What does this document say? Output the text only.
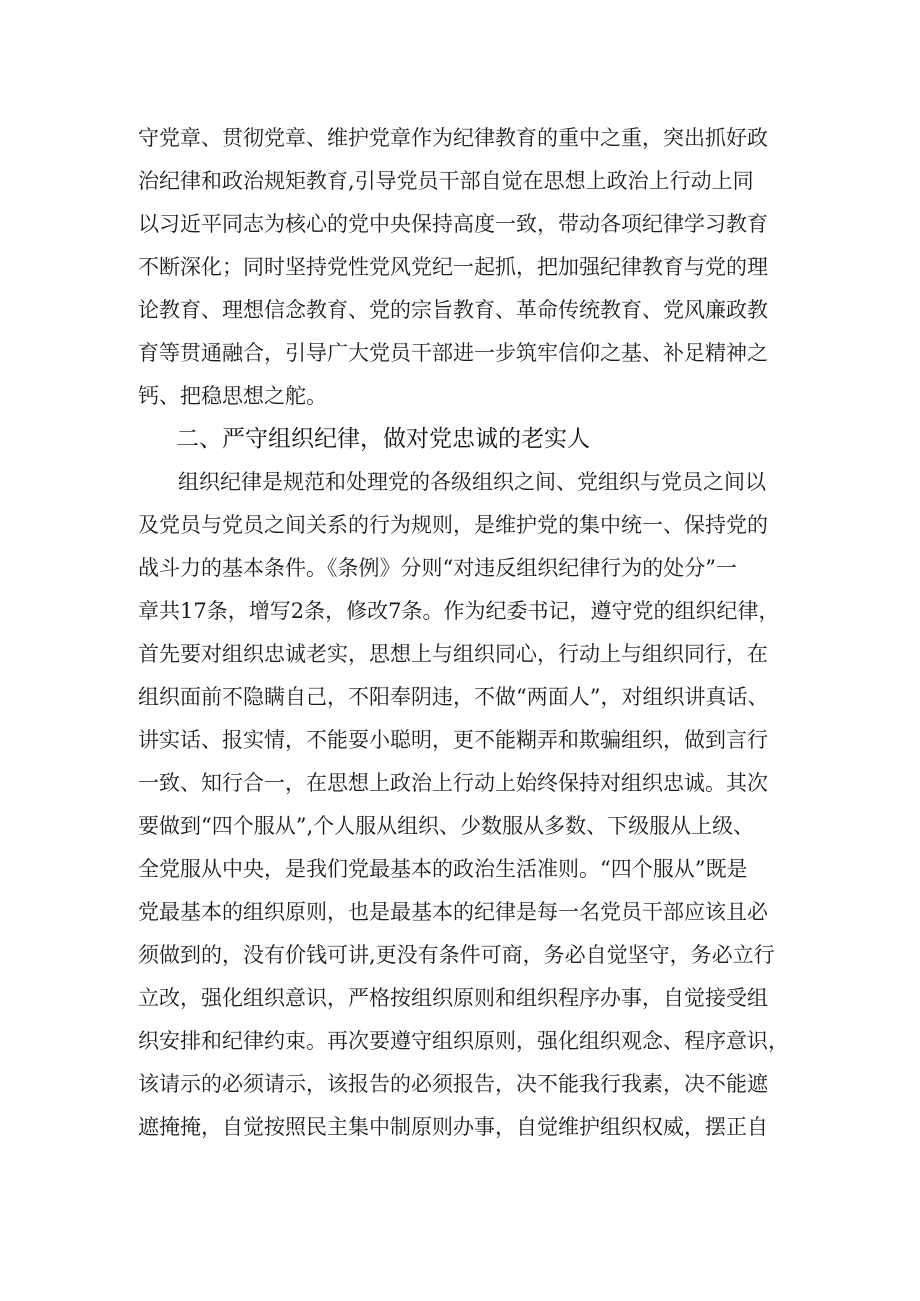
守党章、贯彻党章、维护党章作为纪律教育的重中之重，突出抓好政
治纪律和政治规矩教育,引导党员干部自觉在思想上政治上行动上同
以习近平同志为核心的党中央保持高度一致，带动各项纪律学习教育
不断深化；同时坚持党性党风党纪一起抓，把加强纪律教育与党的理
论教育、理想信念教育、党的宗旨教育、革命传统教育、党风廉政教
育等贯通融合，引导广大党员干部进一步筑牢信仰之基、补足精神之
钙、把稳思想之舵。
二、严守组织纪律，做对党忠诚的老实人
组织纪律是规范和处理党的各级组织之间、党组织与党员之间以
及党员与党员之间关系的行为规则，是维护党的集中统一、保持党的
战斗力的基本条件。《条例》分则“对违反组织纪律行为的处分”一
章共17条，增写2条，修改7条。作为纪委书记，遵守党的组织纪律，
首先要对组织忠诚老实，思想上与组织同心，行动上与组织同行，在
组织面前不隐瞒自己，不阳奉阴违，不做“两面人”，对组织讲真话、
讲实话、报实情，不能耍小聪明，更不能糊弄和欺骗组织，做到言行
一致、知行合一，在思想上政治上行动上始终保持对组织忠诚。其次
要做到“四个服从”,个人服从组织、少数服从多数、下级服从上级、
全党服从中央，是我们党最基本的政治生活准则。“四个服从”既是
党最基本的组织原则，也是最基本的纪律是每一名党员干部应该且必
须做到的，没有价钱可讲,更没有条件可商，务必自觉坚守，务必立行
立改，强化组织意识，严格按组织原则和组织程序办事，自觉接受组
织安排和纪律约束。再次要遵守组织原则，强化组织观念、程序意识，
该请示的必须请示，该报告的必须报告，决不能我行我素，决不能遮
遮掩掩，自觉按照民主集中制原则办事，自觉维护组织权威，摆正自
